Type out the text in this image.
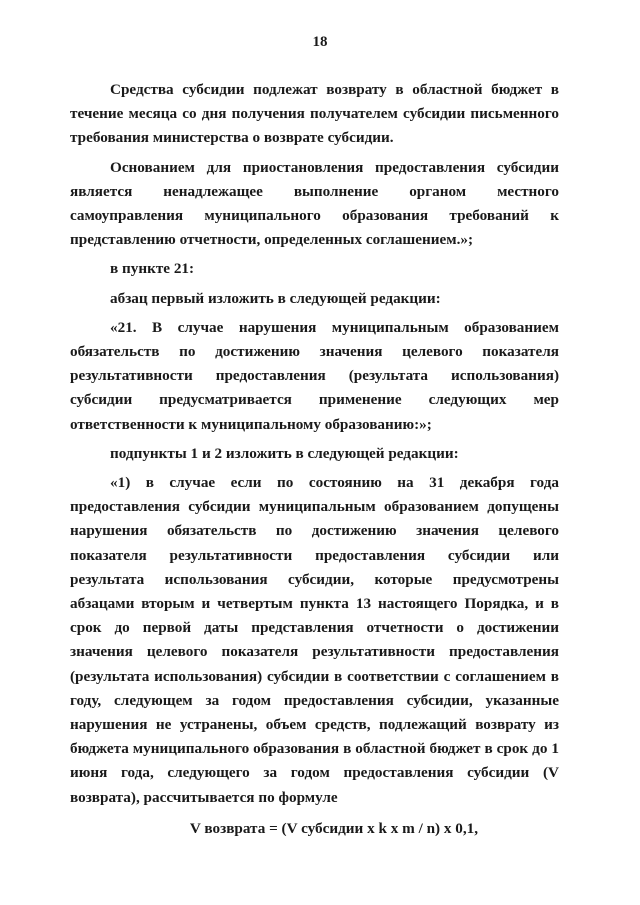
18

Средства субсидии подлежат возврату в областной бюджет в течение месяца со дня получения получателем субсидии письменного требования министерства о возврате субсидии.

Основанием для приостановления предоставления субсидии является ненадлежащее выполнение органом местного самоуправления муниципального образования требований к представлению отчетности, определенных соглашением.»;

в пункте 21:

абзац первый изложить в следующей редакции:

«21. В случае нарушения муниципальным образованием обязательств по достижению значения целевого показателя результативности предоставления (результата использования) субсидии предусматривается применение следующих мер ответственности к муниципальному образованию:»;

подпункты 1 и 2 изложить в следующей редакции:

«1) в случае если по состоянию на 31 декабря года предоставления субсидии муниципальным образованием допущены нарушения обязательств по достижению значения целевого показателя результативности предоставления субсидии или результата использования субсидии, которые предусмотрены абзацами вторым и четвертым пункта 13 настоящего Порядка, и в срок до первой даты представления отчетности о достижении значения целевого показателя результативности предоставления (результата использования) субсидии в соответствии с соглашением в году, следующем за годом предоставления субсидии, указанные нарушения не устранены, объем средств, подлежащий возврату из бюджета муниципального образования в областной бюджет в срок до 1 июня года, следующего за годом предоставления субсидии (V возврата), рассчитывается по формуле

V возврата = (V субсидии x k x m / n) x 0,1,
